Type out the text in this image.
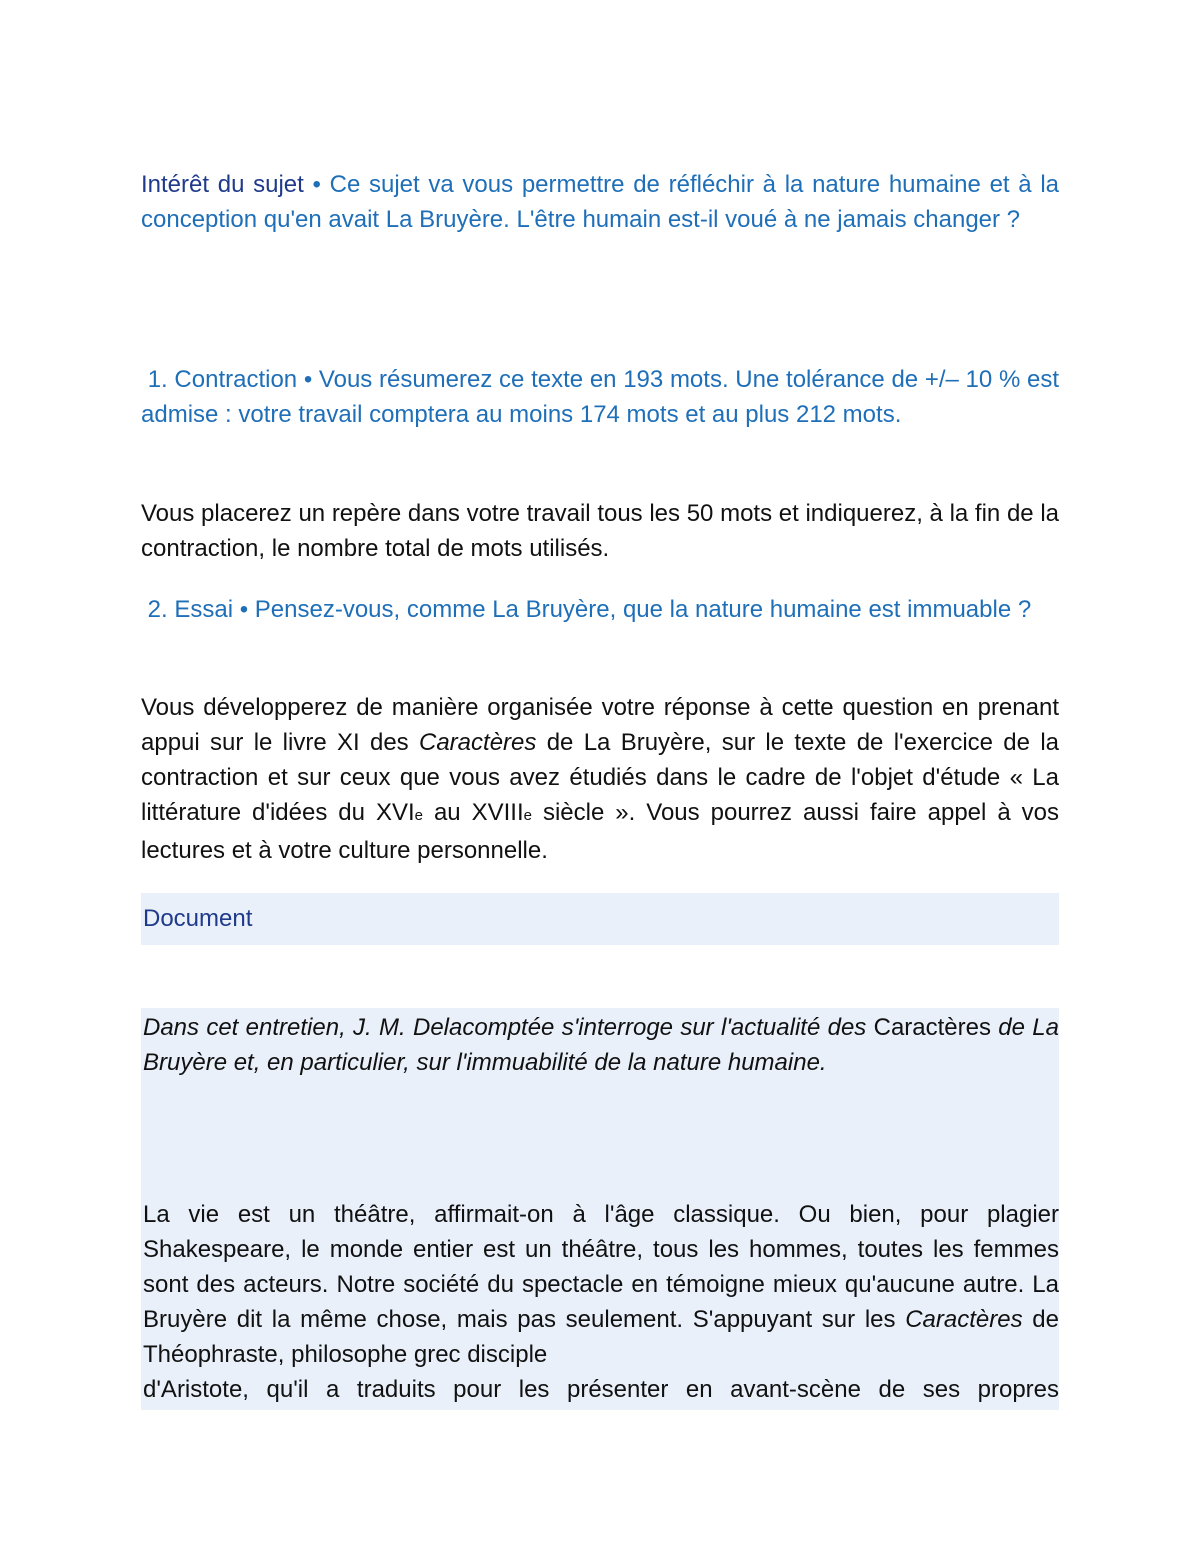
Intérêt du sujet • Ce sujet va vous permettre de réfléchir à la nature humaine et à la conception qu'en avait La Bruyère. L'être humain est-il voué à ne jamais changer ?

1. Contraction • Vous résumerez ce texte en 193 mots. Une tolérance de +/– 10 % est admise : votre travail comptera au moins 174 mots et au plus 212 mots.

Vous placerez un repère dans votre travail tous les 50 mots et indiquerez, à la fin de la contraction, le nombre total de mots utilisés.

2. Essai • Pensez-vous, comme La Bruyère, que la nature humaine est immuable ?

Vous développerez de manière organisée votre réponse à cette question en prenant appui sur le livre XI des Caractères de La Bruyère, sur le texte de l'exercice de la contraction et sur ceux que vous avez étudiés dans le cadre de l'objet d'étude « La littérature d'idées du XVIe au XVIIIe siècle ». Vous pourrez aussi faire appel à vos lectures et à votre culture personnelle.

Document

Dans cet entretien, J. M. Delacomptée s'interroge sur l'actualité des Caractères de La Bruyère et, en particulier, sur l'immuabilité de la nature humaine.

La vie est un théâtre, affirmait-on à l'âge classique. Ou bien, pour plagier Shakespeare, le monde entier est un théâtre, tous les hommes, toutes les femmes sont des acteurs. Notre société du spectacle en témoigne mieux qu'aucune autre. La Bruyère dit la même chose, mais pas seulement. S'appuyant sur les Caractères de Théophraste, philosophe grec disciple
d'Aristote, qu'il a traduits pour les présenter en avant-scène de ses propres
